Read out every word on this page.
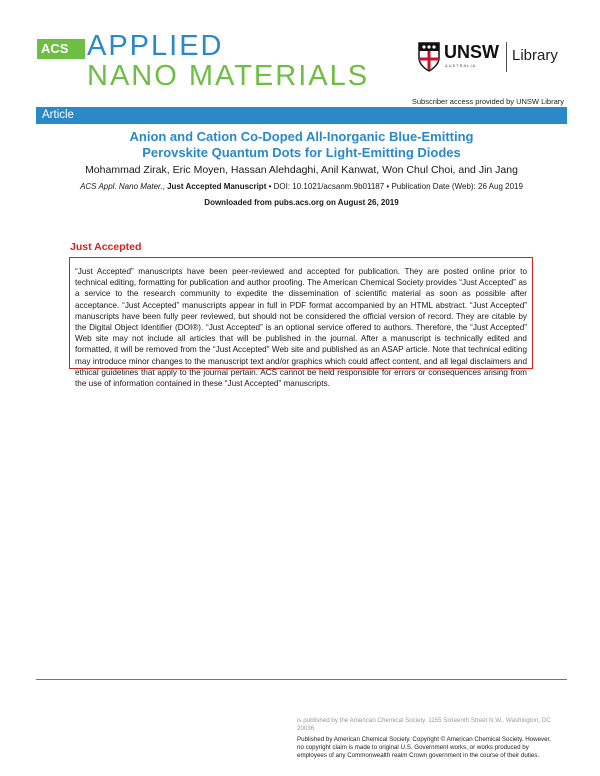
ACS APPLIED
NANO MATERIALS
UNSW
AUSTRALIA
Library
Subscriber access provided by UNSW Library
Article
Anion and Cation Co-Doped All-Inorganic Blue-Emitting
Perovskite Quantum Dots for Light-Emitting Diodes
Mohammad Zirak, Eric Moyen, Hassan Alehdaghi, Anil Kanwat, Won Chul Choi, and Jin Jang
ACS Appl. Nano Mater., Just Accepted Manuscript • DOI: 10.1021/acsanm.9b01187 • Publication Date (Web): 26 Aug 2019
Downloaded from pubs.acs.org on August 26, 2019
Just Accepted
“Just Accepted” manuscripts have been peer-reviewed and accepted for publication. They are posted online prior to technical editing, formatting for publication and author proofing. The American Chemical Society provides “Just Accepted” as a service to the research community to expedite the dissemination of scientific material as soon as possible after acceptance. “Just Accepted” manuscripts appear in full in PDF format accompanied by an HTML abstract. “Just Accepted” manuscripts have been fully peer reviewed, but should not be considered the official version of record. They are citable by the Digital Object Identifier (DOI®). “Just Accepted” is an optional service offered to authors. Therefore, the “Just Accepted” Web site may not include all articles that will be published in the journal. After a manuscript is technically edited and formatted, it will be removed from the “Just Accepted” Web site and published as an ASAP article. Note that technical editing may introduce minor changes to the manuscript text and/or graphics which could affect content, and all legal disclaimers and ethical guidelines that apply to the journal pertain. ACS cannot be held responsible for errors or consequences arising from the use of information contained in these “Just Accepted” manuscripts.
is published by the American Chemical Society. 1155 Sixteenth Street N.W., Washington, DC 20036
Published by American Chemical Society. Copyright © American Chemical Society. However, no copyright claim is made to original U.S. Government works, or works produced by employees of any Commonwealth realm Crown government in the course of their duties.
